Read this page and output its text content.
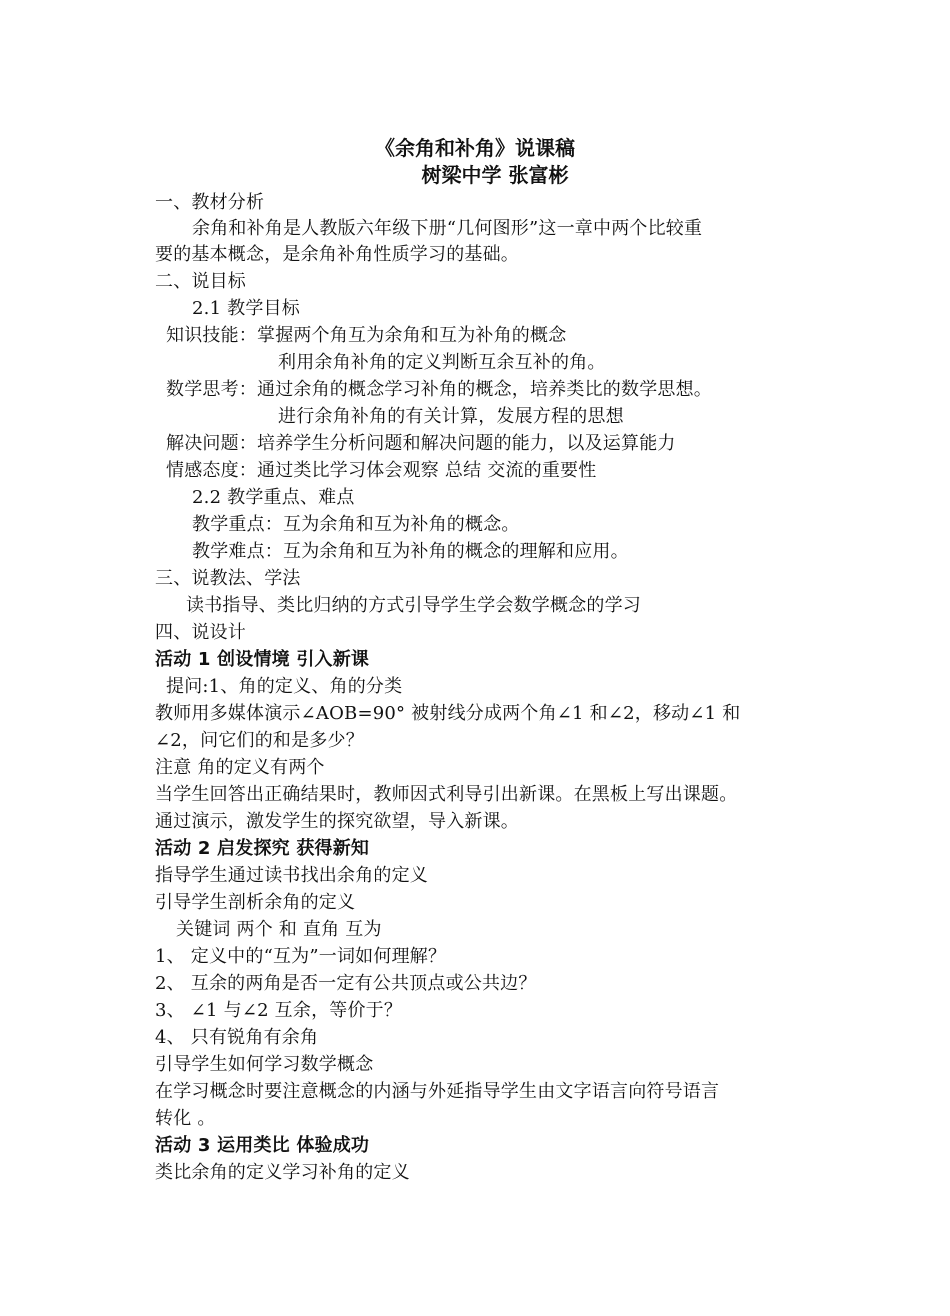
《余角和补角》说课稿
树梁中学 张富彬
一、教材分析
余角和补角是人教版六年级下册“几何图形”这一章中两个比较重
要的基本概念，是余角补角性质学习的基础。
二、说目标
2.1 教学目标
知识技能：掌握两个角互为余角和互为补角的概念
利用余角补角的定义判断互余互补的角。
数学思考：通过余角的概念学习补角的概念，培养类比的数学思想。
进行余角补角的有关计算，发展方程的思想
解决问题：培养学生分析问题和解决问题的能力，以及运算能力
情感态度：通过类比学习体会观察 总结 交流的重要性
2.2 教学重点、难点
教学重点：互为余角和互为补角的概念。
教学难点：互为余角和互为补角的概念的理解和应用。
三、说教法、学法
读书指导、类比归纳的方式引导学生学会数学概念的学习
四、说设计
活动 1 创设情境 引入新课
提问:1、角的定义、角的分类
教师用多媒体演示∠AOB=90° 被射线分成两个角∠1 和∠2，移动∠1 和
∠2，问它们的和是多少？
注意 角的定义有两个
当学生回答出正确结果时，教师因式利导引出新课。在黑板上写出课题。
通过演示，激发学生的探究欲望，导入新课。
活动 2 启发探究 获得新知
指导学生通过读书找出余角的定义
引导学生剖析余角的定义
关键词 两个 和 直角 互为
1、 定义中的“互为”一词如何理解？
2、 互余的两角是否一定有公共顶点或公共边？
3、 ∠1 与∠2 互余，等价于？
4、 只有锐角有余角
引导学生如何学习数学概念
在学习概念时要注意概念的内涵与外延指导学生由文字语言向符号语言
转化 。
活动 3 运用类比 体验成功
类比余角的定义学习补角的定义
